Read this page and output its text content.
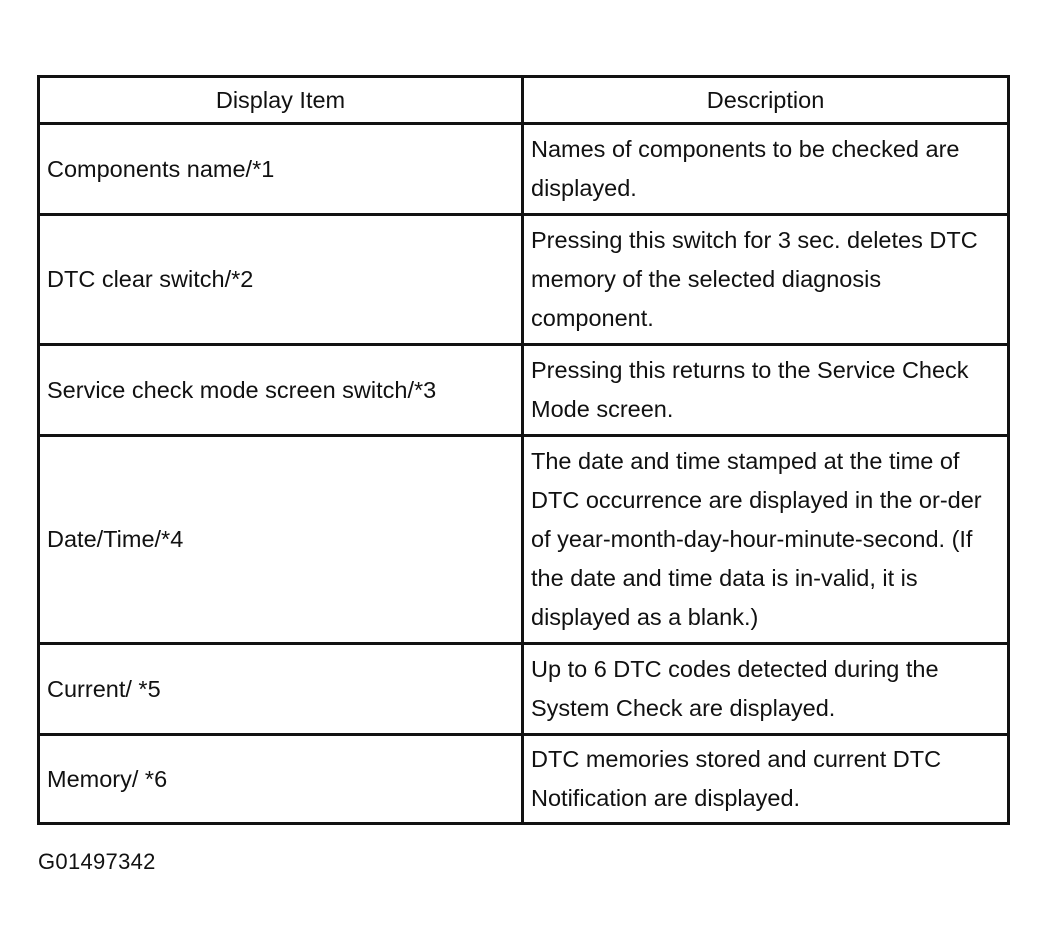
Display Item	Description
Components name/*1	Names of components to be checked are displayed.
DTC clear switch/*2	Pressing this switch for 3 sec. deletes DTC memory of the selected diagnosis component.
Service check mode screen switch/*3	Pressing this returns to the Service Check Mode screen.
Date/Time/*4	The date and time stamped at the time of DTC occurrence are displayed in the or-der of year-month-day-hour-minute-second. (If the date and time data is in-valid, it is displayed as a blank.)
Current/ *5	Up to 6 DTC codes detected during the System Check are displayed.
Memory/ *6	DTC memories stored and current DTC Notification are displayed.
G01497342
